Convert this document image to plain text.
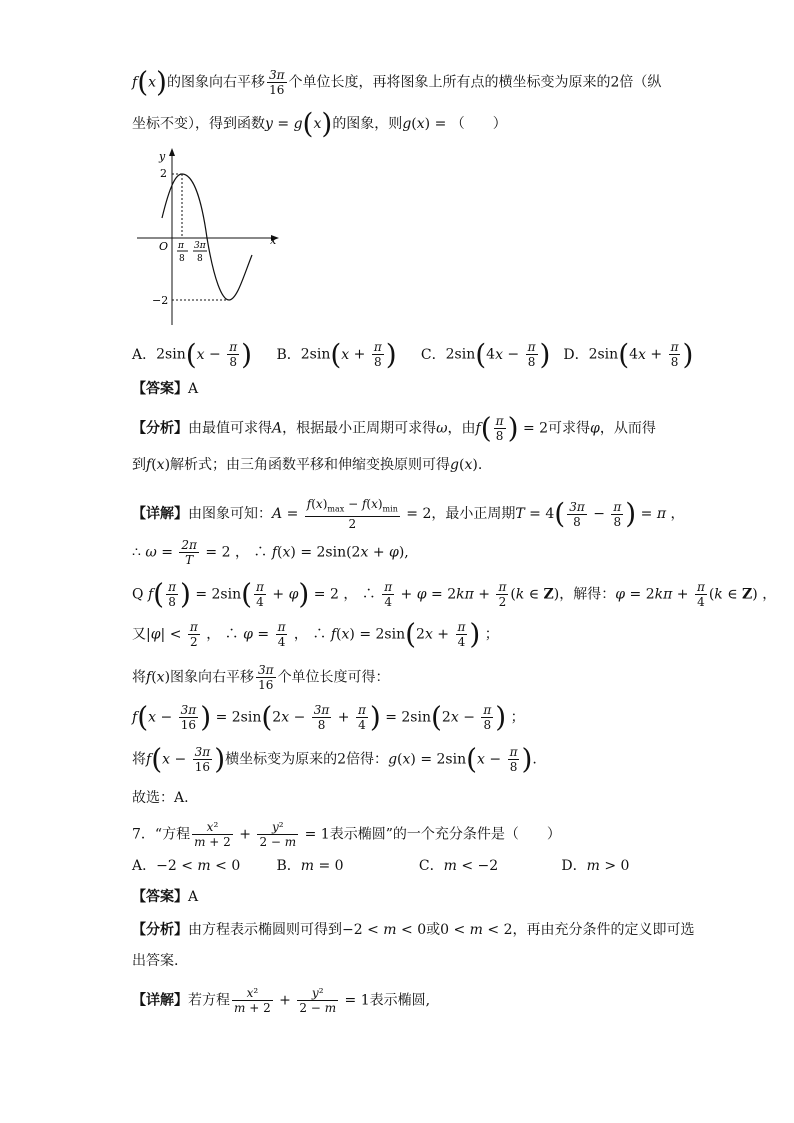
f(x)的图象向右平移 $\frac{3\pi}{16}$ 个单位长度，再将图象上所有点的横坐标变为原来的2倍（纵
坐标不变），得到函数y = g(x)的图象，则g(x) = （　　）
y
x
O
2
−2
π
8
3π
8
A．$2\sin(x - \frac{\pi}{8}$ ) B．$2\sin(x + \frac{\pi}{8}$ ) C．$2\sin(4x - \frac{\pi}{8}$ ) D．$2\sin(4x + \frac{\pi}{8}$ )
【答案】A
【分析】由最值可求得A，根据最小正周期可求得ω，由$f( \frac{\pi}{8}$ ) = 2可求得φ，从而得
到f(x)解析式；由三角函数平移和伸缩变换原则可得g(x).
【详解】由图象可知：$A = \frac{f(x)_{max} - f(x)_{min}}{2} = 2$，最小正周期$T = 4( \frac{3\pi}{8} - \frac{\pi}{8}$ ) = π ，
∴ $\omega = \frac{2\pi}{T} = 2$ ， ∴ f(x) = 2sin(2x + φ),
Q $f( \frac{\pi}{8}$ ) = $2\sin( \frac{\pi}{4} + \varphi) = 2$ ， ∴ $\frac{\pi}{4} + \varphi = 2k\pi + \frac{\pi}{2} (k$ ∈ Z)，解得：$\varphi = 2k\pi + \frac{\pi}{4} (k$ ∈ Z) ，
又$|\varphi| < \frac{\pi}{2}$ ， ∴ $\varphi = \frac{\pi}{4}$ ， ∴ $f(x) = 2\sin(2x + \frac{\pi}{4}$ ) ；
将f(x)图象向右平移 $\frac{3\pi}{16}$ 个单位长度可得：
$f(x - \frac{3\pi}{16}$ ) = $2\sin(2x - \frac{3\pi}{8} + \frac{\pi}{4}$ ) = $2\sin(2x - \frac{\pi}{8}$ ) ；
将$f(x - \frac{3\pi}{16}$ )横坐标变为原来的2倍得：$g(x) = 2\sin(x - \frac{\pi}{8}$ ).
故选：A.
7．“方程 $\frac{\text{x²}}{m + 2} + \frac{\text{y²}}{2 - m} = 1$表示椭圆”的一个充分条件是（　　）
A．−2 < m < 0	B．m = 0	C．m < −2	D．m > 0
【答案】A
【分析】由方程表示椭圆则可得到−2 < m < 0或0 < m < 2，再由充分条件的定义即可选
出答案.
【详解】若方程 $\frac{\text{x²}}{m + 2} + \frac{\text{y²}}{2 - m} = 1$表示椭圆,
